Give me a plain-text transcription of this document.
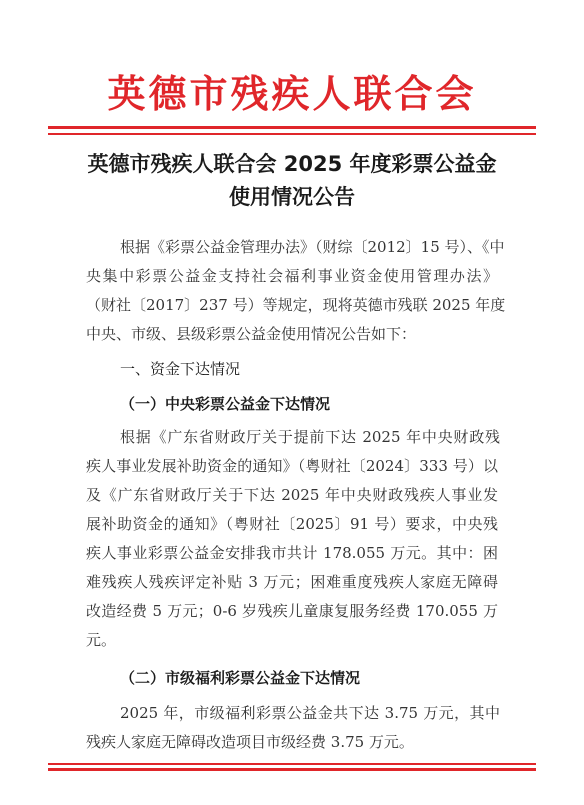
英德市残疾人联合会
英德市残疾人联合会 2025 年度彩票公益金
使用情况公告
根据《彩票公益金管理办法》（财综〔2012〕15 号）、《中
央集中彩票公益金支持社会福利事业资金使用管理办法》
（财社〔2017〕237 号）等规定，现将英德市残联 2025 年度
中央、市级、县级彩票公益金使用情况公告如下：
一、资金下达情况
（一）中央彩票公益金下达情况
根据《广东省财政厅关于提前下达 2025 年中央财政残
疾人事业发展补助资金的通知》（粤财社〔2024〕333 号）以
及《广东省财政厅关于下达 2025 年中央财政残疾人事业发
展补助资金的通知》（粤财社〔2025〕91 号）要求，中央残
疾人事业彩票公益金安排我市共计 178.055 万元。其中：困
难残疾人残疾评定补贴 3 万元；困难重度残疾人家庭无障碍
改造经费 5 万元；0-6 岁残疾儿童康复服务经费 170.055 万
元。
（二）市级福利彩票公益金下达情况
2025 年，市级福利彩票公益金共下达 3.75 万元，其中
残疾人家庭无障碍改造项目市级经费 3.75 万元。
